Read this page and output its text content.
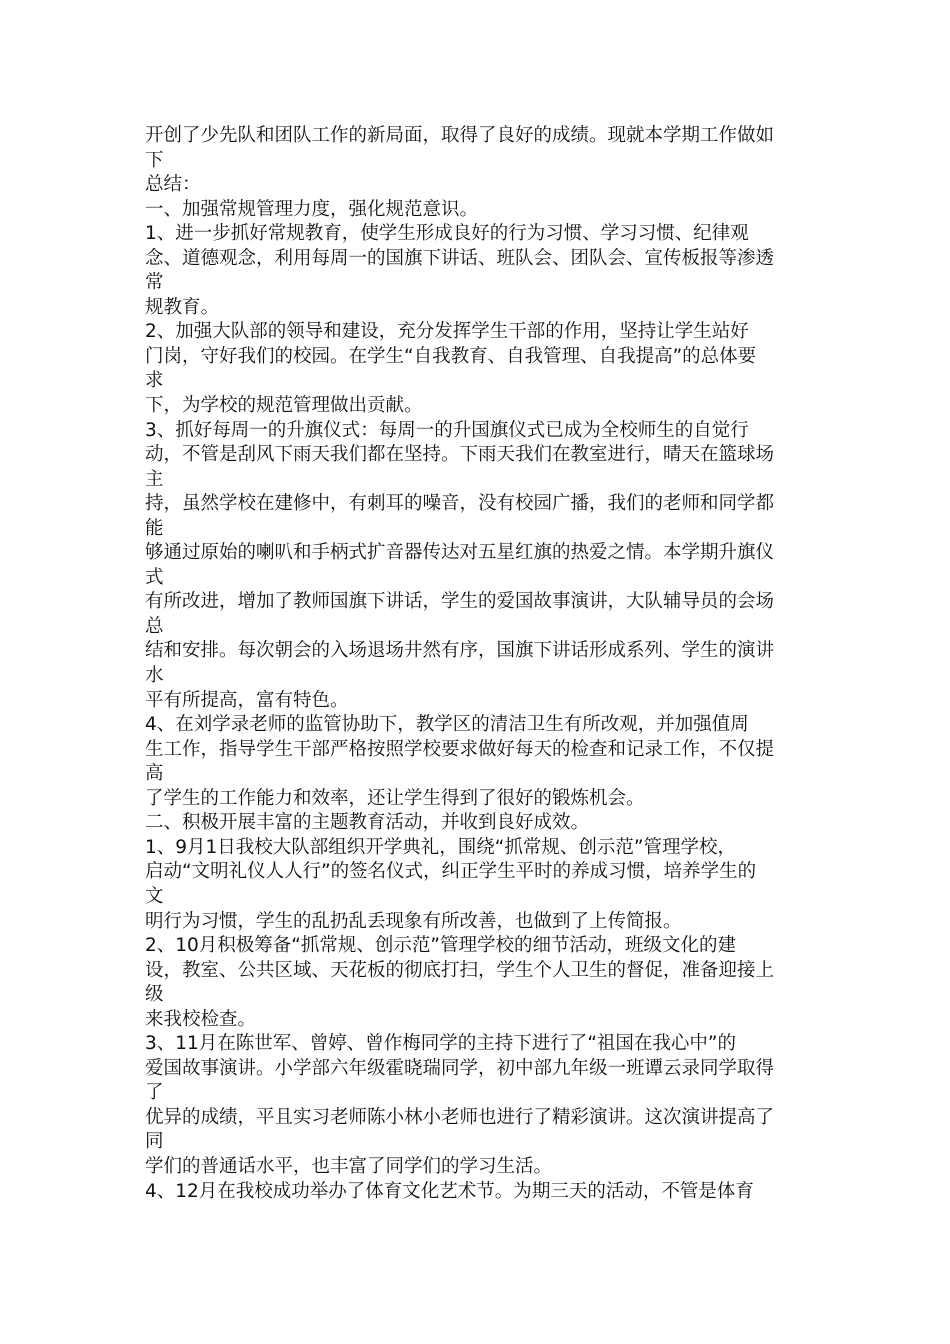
开创了少先队和团队工作的新局面，取得了良好的成绩。现就本学期工作做如
下
总结：
一、加强常规管理力度，强化规范意识。
1、进一步抓好常规教育，使学生形成良好的行为习惯、学习习惯、纪律观
念、道德观念，利用每周一的国旗下讲话、班队会、团队会、宣传板报等渗透
常
规教育。
2、加强大队部的领导和建设，充分发挥学生干部的作用，坚持让学生站好
门岗，守好我们的校园。在学生“自我教育、自我管理、自我提高”的总体要
求
下，为学校的规范管理做出贡献。
3、抓好每周一的升旗仪式：每周一的升国旗仪式已成为全校师生的自觉行
动，不管是刮风下雨天我们都在坚持。下雨天我们在教室进行，晴天在篮球场
主
持，虽然学校在建修中，有刺耳的噪音，没有校园广播，我们的老师和同学都
能
够通过原始的喇叭和手柄式扩音器传达对五星红旗的热爱之情。本学期升旗仪
式
有所改进，增加了教师国旗下讲话，学生的爱国故事演讲，大队辅导员的会场
总
结和安排。每次朝会的入场退场井然有序，国旗下讲话形成系列、学生的演讲
水
平有所提高，富有特色。
4、在刘学录老师的监管协助下，教学区的清洁卫生有所改观，并加强值周
生工作，指导学生干部严格按照学校要求做好每天的检查和记录工作，不仅提
高
了学生的工作能力和效率，还让学生得到了很好的锻炼机会。
二、积极开展丰富的主题教育活动，并收到良好成效。
1、9月1日我校大队部组织开学典礼，围绕“抓常规、创示范”管理学校，
启动“文明礼仪人人行”的签名仪式，纠正学生平时的养成习惯，培养学生的
文
明行为习惯，学生的乱扔乱丢现象有所改善，也做到了上传简报。
2、10月积极筹备“抓常规、创示范”管理学校的细节活动，班级文化的建
设，教室、公共区域、天花板的彻底打扫，学生个人卫生的督促，准备迎接上
级
来我校检查。
3、11月在陈世军、曾婷、曾作梅同学的主持下进行了“祖国在我心中”的
爱国故事演讲。小学部六年级霍晓瑞同学，初中部九年级一班谭云录同学取得
了
优异的成绩，平且实习老师陈小林小老师也进行了精彩演讲。这次演讲提高了
同
学们的普通话水平，也丰富了同学们的学习生活。
4、12月在我校成功举办了体育文化艺术节。为期三天的活动，不管是体育
